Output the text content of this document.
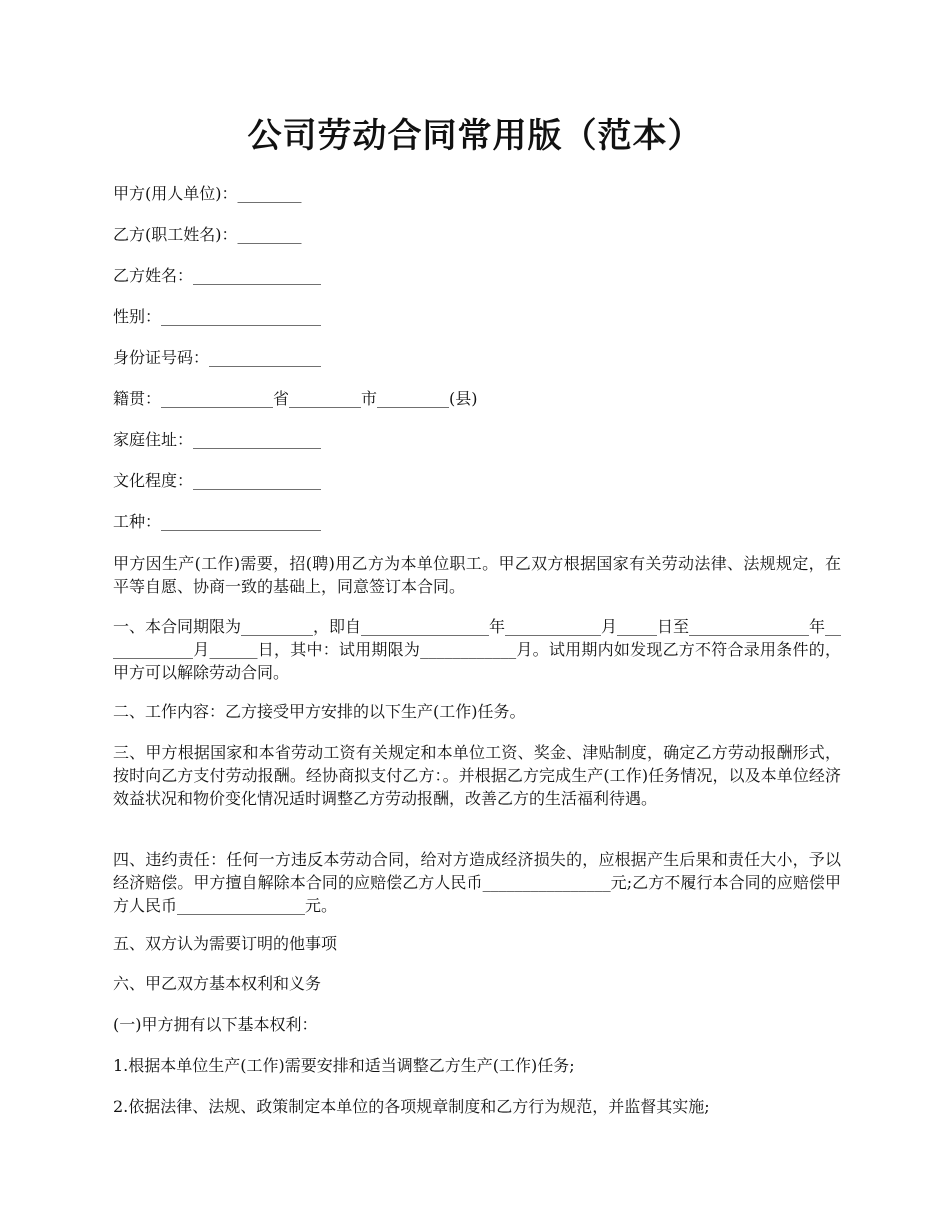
公司劳动合同常用版（范本）
甲方(用人单位)：________
乙方(职工姓名)：________
乙方姓名：________________
性别：____________________
身份证号码：______________
籍贯：______________省_________市_________(县)
家庭住址：________________
文化程度：________________
工种：____________________
甲方因生产(工作)需要，招(聘)用乙方为本单位职工。甲乙双方根据国家有关劳动法律、法规规定，在平等自愿、协商一致的基础上，同意签订本合同。
一、本合同期限为_________，即自________________年____________月_____日至_______________年____________月______日，其中：试用期限为____________月。试用期内如发现乙方不符合录用条件的，甲方可以解除劳动合同。
二、工作内容：乙方接受甲方安排的以下生产(工作)任务。
三、甲方根据国家和本省劳动工资有关规定和本单位工资、奖金、津贴制度，确定乙方劳动报酬形式，按时向乙方支付劳动报酬。经协商拟支付乙方：。并根据乙方完成生产(工作)任务情况，以及本单位经济效益状况和物价变化情况适时调整乙方劳动报酬，改善乙方的生活福利待遇。
四、违约责任：任何一方违反本劳动合同，给对方造成经济损失的，应根据产生后果和责任大小，予以经济赔偿。甲方擅自解除本合同的应赔偿乙方人民币________________元;乙方不履行本合同的应赔偿甲方人民币________________元。
五、双方认为需要订明的他事项
六、甲乙双方基本权利和义务
(一)甲方拥有以下基本权利：
1.根据本单位生产(工作)需要安排和适当调整乙方生产(工作)任务;
2.依据法律、法规、政策制定本单位的各项规章制度和乙方行为规范，并监督其实施;
